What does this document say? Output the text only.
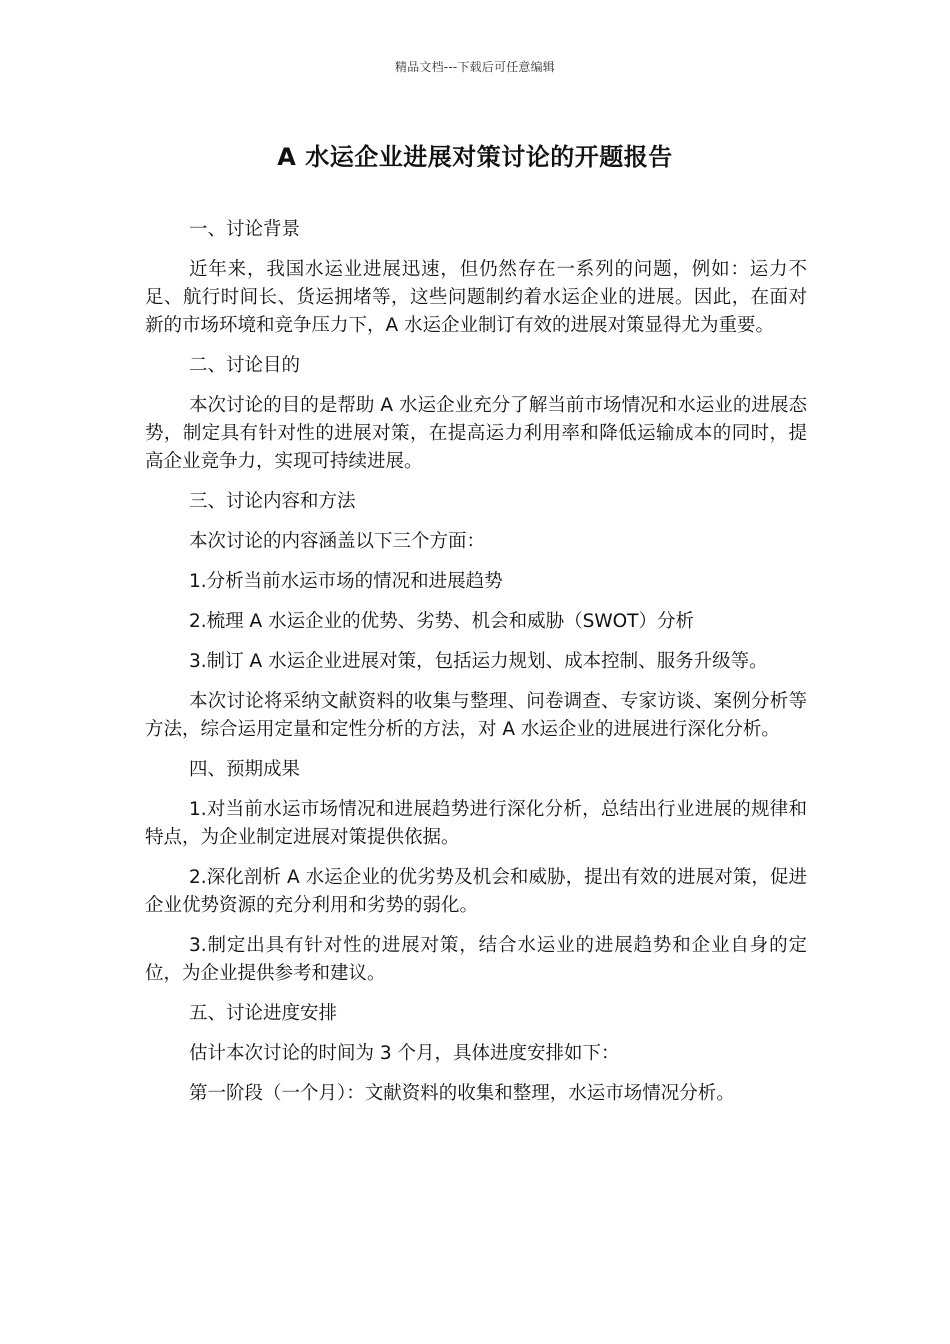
精品文档---下载后可任意编辑
A 水运企业进展对策讨论的开题报告

一、讨论背景

近年来，我国水运业进展迅速，但仍然存在一系列的问题，例如：运力不足、航行时间长、货运拥堵等，这些问题制约着水运企业的进展。因此，在面对新的市场环境和竞争压力下，A 水运企业制订有效的进展对策显得尤为重要。

二、讨论目的

本次讨论的目的是帮助 A 水运企业充分了解当前市场情况和水运业的进展态势，制定具有针对性的进展对策，在提高运力利用率和降低运输成本的同时，提高企业竞争力，实现可持续进展。

三、讨论内容和方法

本次讨论的内容涵盖以下三个方面：

1.分析当前水运市场的情况和进展趋势

2.梳理 A 水运企业的优势、劣势、机会和威胁（SWOT）分析

3.制订 A 水运企业进展对策，包括运力规划、成本控制、服务升级等。

本次讨论将采纳文献资料的收集与整理、问卷调查、专家访谈、案例分析等方法，综合运用定量和定性分析的方法，对 A 水运企业的进展进行深化分析。

四、预期成果

1.对当前水运市场情况和进展趋势进行深化分析，总结出行业进展的规律和特点，为企业制定进展对策提供依据。

2.深化剖析 A 水运企业的优劣势及机会和威胁，提出有效的进展对策，促进企业优势资源的充分利用和劣势的弱化。

3.制定出具有针对性的进展对策，结合水运业的进展趋势和企业自身的定位，为企业提供参考和建议。

五、讨论进度安排

估计本次讨论的时间为 3 个月，具体进度安排如下：

第一阶段（一个月）：文献资料的收集和整理，水运市场情况分析。
